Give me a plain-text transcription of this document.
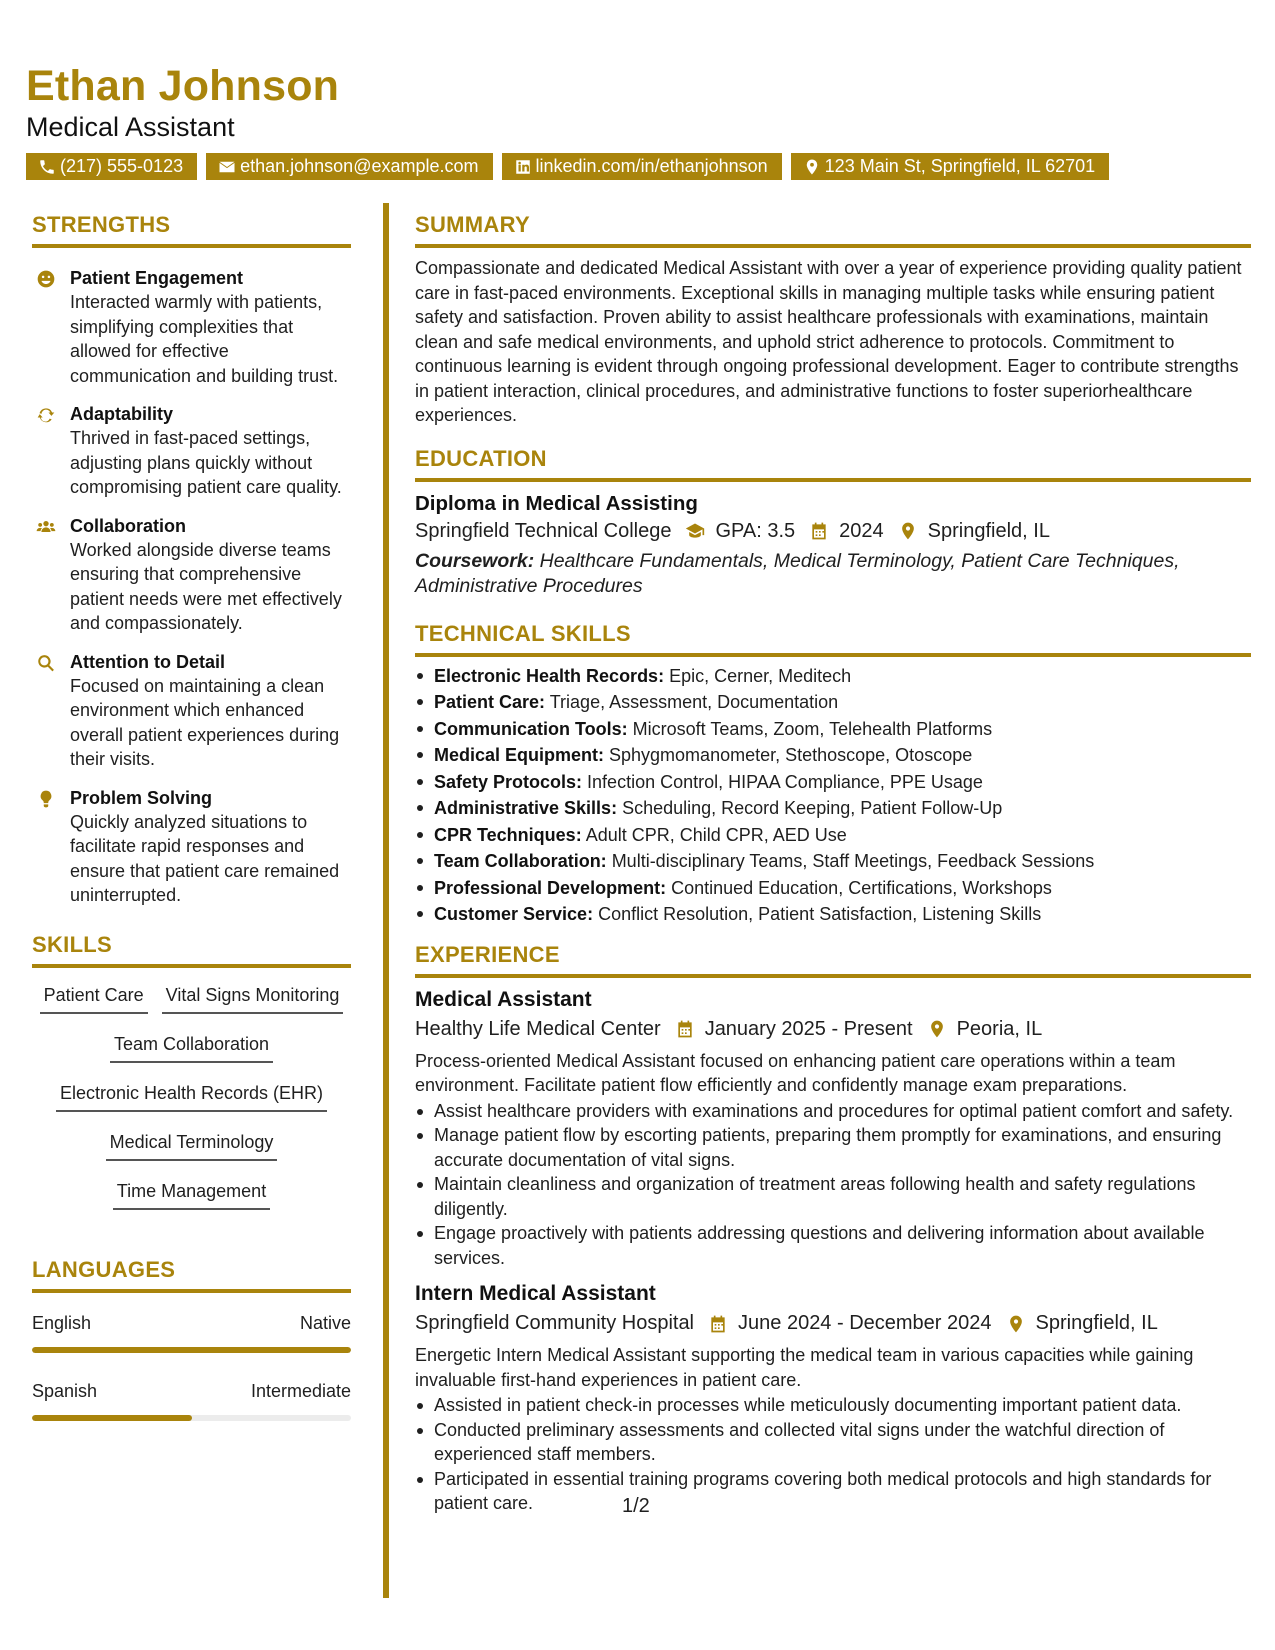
Ethan Johnson
Medical Assistant
(217) 555-0123	ethan.johnson@example.com	linkedin.com/in/ethanjohnson	123 Main St, Springfield, IL 62701
STRENGTHS
Patient Engagement
Interacted warmly with patients, simplifying complexities that allowed for effective communication and building trust.
Adaptability
Thrived in fast-paced settings, adjusting plans quickly without compromising patient care quality.
Collaboration
Worked alongside diverse teams ensuring that comprehensive patient needs were met effectively and compassionately.
Attention to Detail
Focused on maintaining a clean environment which enhanced overall patient experiences during their visits.
Problem Solving
Quickly analyzed situations to facilitate rapid responses and ensure that patient care remained uninterrupted.
SKILLS
Patient Care Vital Signs Monitoring
Team Collaboration
Electronic Health Records (EHR)
Medical Terminology
Time Management
LANGUAGES
English	Native
Spanish	Intermediate
SUMMARY
Compassionate and dedicated Medical Assistant with over a year of experience providing quality patient care in fast-paced environments. Exceptional skills in managing multiple tasks while ensuring patient safety and satisfaction. Proven ability to assist healthcare professionals with examinations, maintain clean and safe medical environments, and uphold strict adherence to protocols. Commitment to continuous learning is evident through ongoing professional development. Eager to contribute strengths in patient interaction, clinical procedures, and administrative functions to foster superiorhealthcare experiences.
EDUCATION
Diploma in Medical Assisting
Springfield Technical College GPA: 3.5 2024 Springfield, IL
Coursework: Healthcare Fundamentals, Medical Terminology, Patient Care Techniques, Administrative Procedures
TECHNICAL SKILLS
Electronic Health Records: Epic, Cerner, Meditech
Patient Care: Triage, Assessment, Documentation
Communication Tools: Microsoft Teams, Zoom, Telehealth Platforms
Medical Equipment: Sphygmomanometer, Stethoscope, Otoscope
Safety Protocols: Infection Control, HIPAA Compliance, PPE Usage
Administrative Skills: Scheduling, Record Keeping, Patient Follow-Up
CPR Techniques: Adult CPR, Child CPR, AED Use
Team Collaboration: Multi-disciplinary Teams, Staff Meetings, Feedback Sessions
Professional Development: Continued Education, Certifications, Workshops
Customer Service: Conflict Resolution, Patient Satisfaction, Listening Skills
EXPERIENCE
Medical Assistant
Healthy Life Medical Center January 2025 - Present Peoria, IL
Process-oriented Medical Assistant focused on enhancing patient care operations within a team environment. Facilitate patient flow efficiently and confidently manage exam preparations.
Assist healthcare providers with examinations and procedures for optimal patient comfort and safety.
Manage patient flow by escorting patients, preparing them promptly for examinations, and ensuring accurate documentation of vital signs.
Maintain cleanliness and organization of treatment areas following health and safety regulations diligently.
Engage proactively with patients addressing questions and delivering information about available services.
Intern Medical Assistant
Springfield Community Hospital June 2024 - December 2024 Springfield, IL
Energetic Intern Medical Assistant supporting the medical team in various capacities while gaining invaluable first-hand experiences in patient care.
Assisted in patient check-in processes while meticulously documenting important patient data.
Conducted preliminary assessments and collected vital signs under the watchful direction of experienced staff members.
Participated in essential training programs covering both medical protocols and high standards for patient care.	1/2
